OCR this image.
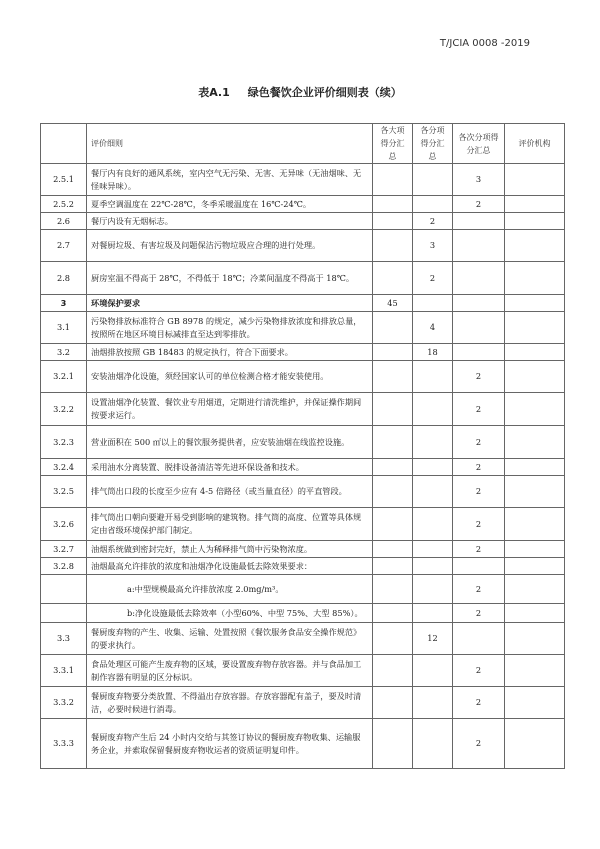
T/JCIA 0008 -2019
表A.1 绿色餐饮企业评价细则表（续）
	评价细则	各大项得分汇总	各分项得分汇总	各次分项得分汇总	评价机构
2.5.1	餐厅内有良好的通风系统，室内空气无污染、无害、无异味（无油烟味、无怪味异味）。			3	
2.5.2	夏季空调温度在 22℃-28℃，冬季采暖温度在 16℃-24℃。			2	
2.6	餐厅内设有无烟标志。		2		
2.7	对餐厨垃圾、有害垃圾及问题保洁污物垃圾应合理的进行处理。		3		
2.8	厨房室温不得高于 28℃，不得低于 18℃；冷菜间温度不得高于 18℃。		2		
3	环境保护要求	45			
3.1	污染物排放标准符合 GB 8978 的规定，减少污染物排放浓度和排放总量，按照所在地区环境目标减排直至达到零排放。		4		
3.2	油烟排放按照 GB 18483 的规定执行，符合下面要求。		18		
3.2.1	安装油烟净化设施，须经国家认可的单位检测合格才能安装使用。			2	
3.2.2	设置油烟净化装置、餐饮业专用烟道，定期进行清洗维护，并保证操作期间按要求运行。			2	
3.2.3	营业面积在 500 ㎡以上的餐饮服务提供者，应安装油烟在线监控设施。			2	
3.2.4	采用油水分离装置、脱排设备清洁等先进环保设备和技术。			2	
3.2.5	排气筒出口段的长度至少应有 4-5 倍路径（或当量直径）的平直管段。			2	
3.2.6	排气筒出口朝向要避开易受到影响的建筑物。排气筒的高度、位置等具体规定由省级环境保护部门制定。			2	
3.2.7	油烟系统做到密封完好，禁止人为稀释排气筒中污染物浓度。			2	
3.2.8	油烟最高允许排放的浓度和油烟净化设施最低去除效果要求：				
	a:中型规模最高允许排放浓度 2.0mg/m³。			2	
	b:净化设施最低去除效率（小型60%、中型 75%、大型 85%）。			2	
3.3	餐厨废弃物的产生、收集、运输、处置按照《餐饮服务食品安全操作规范》的要求执行。		12		
3.3.1	食品处理区可能产生废弃物的区域，要设置废弃物存放容器。并与食品加工制作容器有明显的区分标识。			2	
3.3.2	餐厨废弃物要分类放置、不得溢出存放容器。存放容器配有盖子，要及时清洁，必要时候进行消毒。			2	
3.3.3	餐厨废弃物产生后 24 小时内交给与其签订协议的餐厨废弃物收集、运输服务企业，并索取保留餐厨废弃物收运者的资质证明复印件。			2	
